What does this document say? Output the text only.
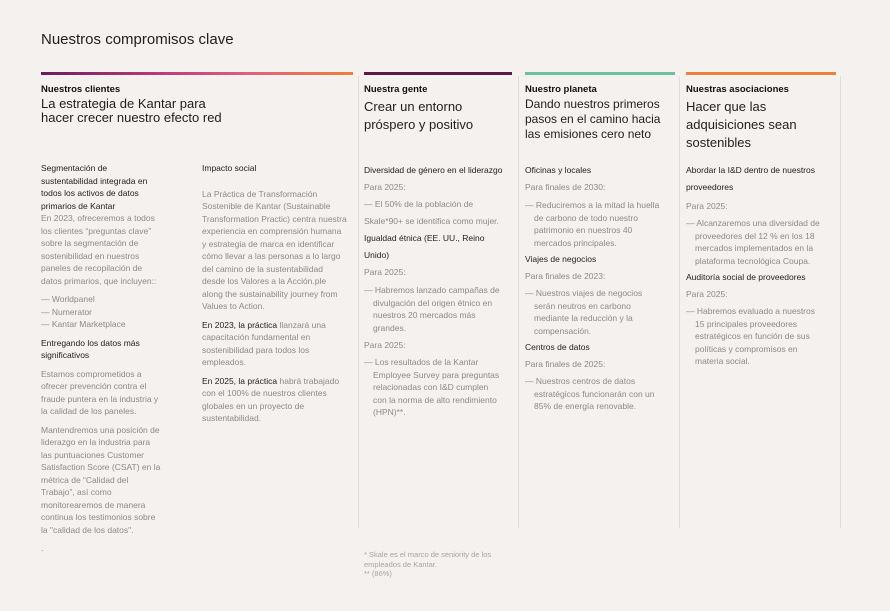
Nuestros compromisos clave
Nuestros clientes
La estrategia de Kantar para hacer crecer nuestro efecto red
Segmentación de sustentabilidad integrada en todos los activos de datos primarios de Kantar
En 2023, ofreceremos a todos los clientes “preguntas clave” sobre la segmentación de sostenibilidad en nuestros paneles de recopilación de datos primarios, que incluyen::
— Worldpanel
— Numerator
— Kantar Marketplace
Entregando los datos más significativos
Estamos comprometidos a ofrecer prevención contra el fraude puntera en la industria y la calidad de los paneles.
Mantendremos una posición de liderazgo en la industria para las puntuaciones Customer Satisfaction Score (CSAT) en la métrica de “Calidad del Trabajo”, así como monitorearemos de manera continua los testimonios sobre la "calidad de los datos".
.
Impacto social
La Práctica de Transformación Sostenible de Kantar (Sustainable Transformation Practic) centra nuestra experiencia en comprensión humana y estrategia de marca en identificar cómo llevar a las personas a lo largo del camino de la sustentabilidad desde los Valores a la Acción.ple along the sustainability journey from Values to Action.
En 2023, la práctica llanzará una capacitación fundamental en sostenibilidad para todos los empleados.
En 2025, la práctica habrá trabajado con el 100% de nuestros clientes globales en un proyecto de sustentabilidad.
Nuestra gente
Crear un entorno próspero y positivo
Diversidad de género en el liderazgo
Para 2025:
— El 50% de la población de Skale*90+ se identifica como mujer.
Igualdad étnica (EE. UU., Reino Unido)
Para 2025:
— Habremos lanzado campañas de divulgación del origen étnico en nuestros 20 mercados más grandes.
Para 2025:
— Los resultados de la Kantar Employee Survey para preguntas relacionadas con I&D cumplen con la norma de alto rendimiento (HPN)**.
Nuestro planeta
Dando nuestros primeros pasos en el camino hacia las emisiones cero neto
Oficinas y locales
Para finales de 2030:
— Reduciremos a la mitad la huella de carbono de todo nuestro patrimonio en nuestros 40 mercados principales.
Viajes de negocios
Para finales de 2023:
— Nuestros viajes de negocios serán neutros en carbono mediante la reducción y la compensación.
Centros de datos
Para finales de 2025:
— Nuestros centros de datos estratégicos funcionarán con un 85% de energía renovable.
Nuestras asociaciones
Hacer que las adquisiciones sean sostenibles
Abordar la I&D dentro de nuestros proveedores
Para 2025:
— Alcanzaremos una diversidad de proveedores del 12 % en los 18 mercados implementados en la plataforma tecnológica Coupa.
Auditoría social de proveedores
Para 2025:
— Habremos evaluado a nuestros 15 principales proveedores estratégicos en función de sus políticas y compromisos en materia social.
* Skale es el marco de seniority de los empleados de Kantar.
** (86%)
